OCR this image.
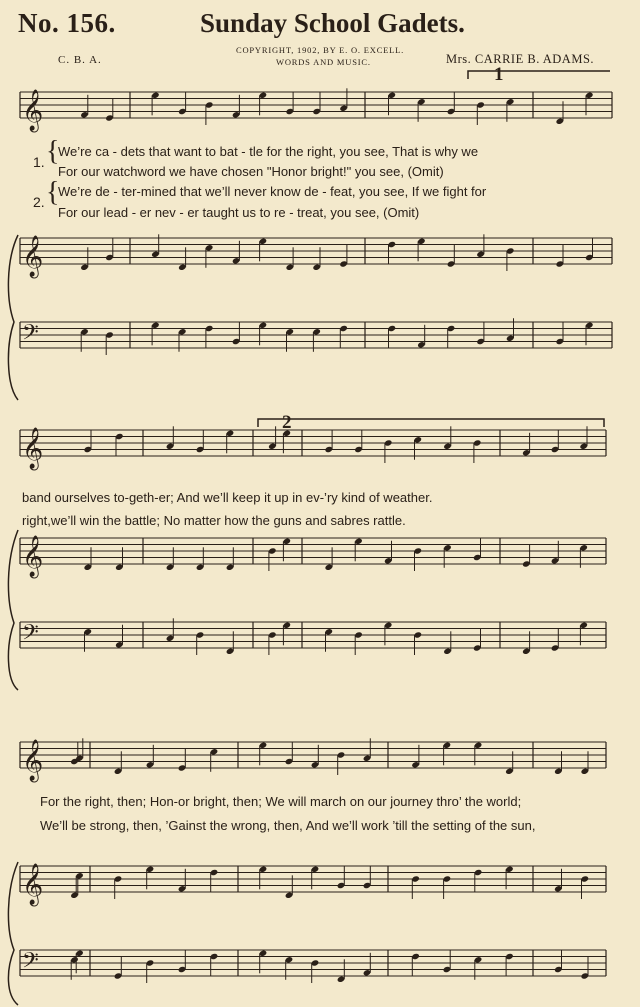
No. 156.	Sunday School Gadets.
COPYRIGHT, 1902, BY E. O. EXCELL.
WORDS AND MUSIC.
C. B. A.	Mrs. CARRIE B. ADAMS.
1
2
𝄞
𝄞
𝄢
𝄞
𝄞
𝄢
𝄞
𝄞
𝄢
1. {
We’re ca - dets that want to bat - tle for the right, you see, That is why we
For our watchword we have chosen "Honor bright!" you see, (Omit)
2. {
We’re de - ter-mined that we’ll never know de - feat, you see, If we fight for
For our lead - er nev - er taught us to re - treat, you see, (Omit)
band ourselves to-geth-er; And we’ll keep it up in ev-’ry kind of weather.
right,we’ll win the battle; No matter how the guns and sabres rattle.
For the right, then; Hon-or bright, then; We will march on our journey thro’ the world;
We’ll be strong, then, ’Gainst the wrong, then, And we’ll work ’till the setting of the sun,
